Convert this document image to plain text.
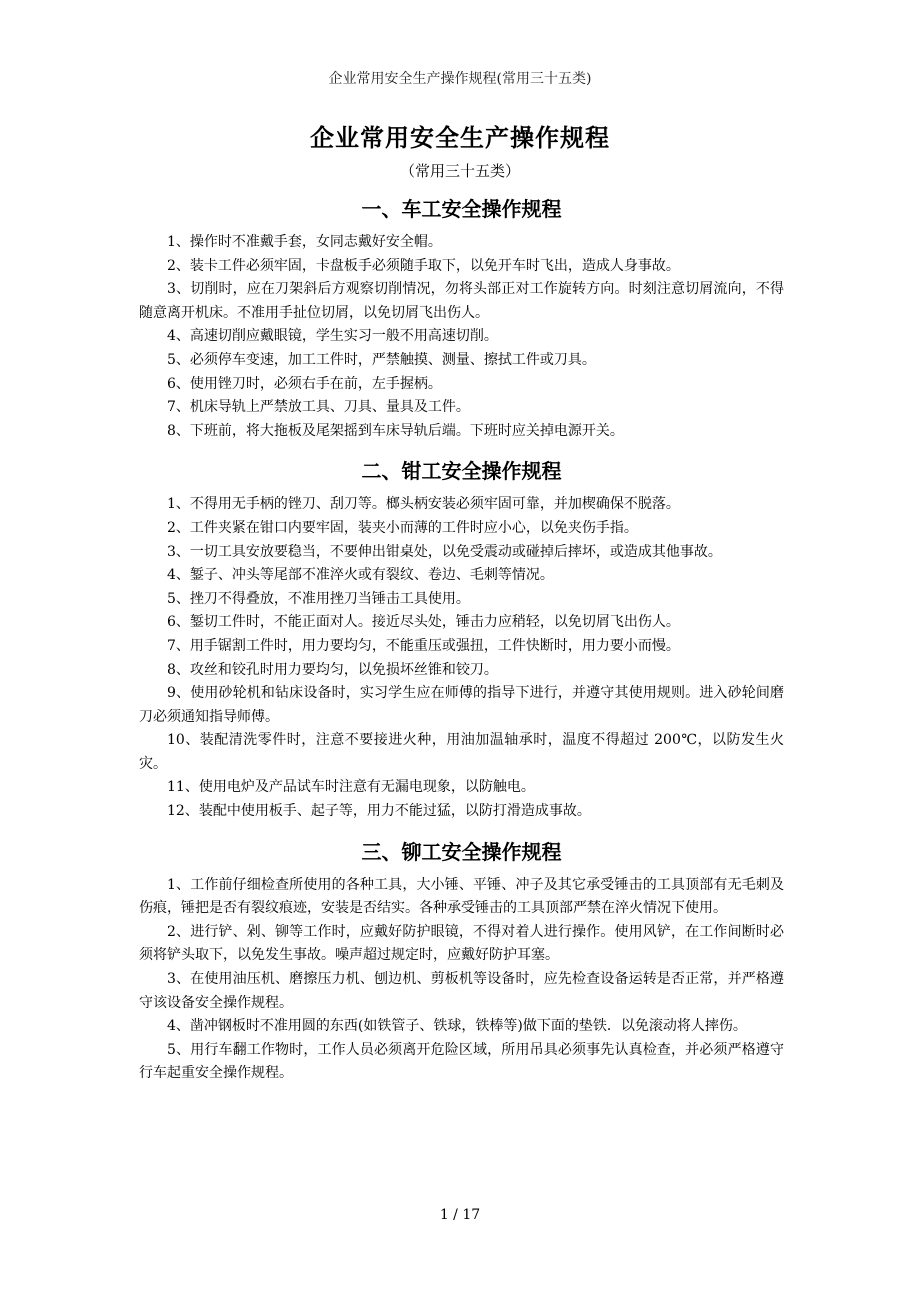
企业常用安全生产操作规程(常用三十五类)
企业常用安全生产操作规程
（常用三十五类）
一、车工安全操作规程

1、操作时不准戴手套，女同志戴好安全帽。

2、装卡工件必须牢固，卡盘板手必须随手取下，以免开车时飞出，造成人身事故。

3、切削时，应在刀架斜后方观察切削情况，勿将头部正对工作旋转方向。时刻注意切屑流向，不得随意离开机床。不准用手扯位切屑，以免切屑飞出伤人。

4、高速切削应戴眼镜，学生实习一般不用高速切削。

5、必须停车变速，加工工件时，严禁触摸、测量、擦拭工件或刀具。

6、使用锉刀时，必须右手在前，左手握柄。

7、机床导轨上严禁放工具、刀具、量具及工件。

8、下班前，将大拖板及尾架摇到车床导轨后端。下班时应关掉电源开关。

二、钳工安全操作规程

1、不得用无手柄的锉刀、刮刀等。榔头柄安装必须牢固可靠，并加楔确保不脱落。

2、工件夹紧在钳口内要牢固，装夹小而薄的工件时应小心，以免夹伤手指。

3、一切工具安放要稳当，不要伸出钳桌处，以免受震动或碰掉后摔坏，或造成其他事故。

4、錾子、冲头等尾部不准淬火或有裂纹、卷边、毛刺等情况。

5、挫刀不得叠放，不准用挫刀当锤击工具使用。

6、錾切工件时，不能正面对人。接近尽头处，锤击力应稍轻，以免切屑飞出伤人。

7、用手锯割工件时，用力要均匀，不能重压或强扭，工件快断时，用力要小而慢。

8、攻丝和铰孔时用力要均匀，以免损坏丝锥和铰刀。

9、使用砂轮机和钻床设备时，实习学生应在师傅的指导下进行，并遵守其使用规则。进入砂轮间磨刀必须通知指导师傅。

10、装配清洗零件时，注意不要接进火种，用油加温轴承时，温度不得超过 200℃，以防发生火灾。

11、使用电炉及产品试车时注意有无漏电现象，以防触电。

12、装配中使用板手、起子等，用力不能过猛，以防打滑造成事故。

三、铆工安全操作规程

1、工作前仔细检查所使用的各种工具，大小锤、平锤、冲子及其它承受锤击的工具顶部有无毛刺及伤痕，锤把是否有裂纹痕迹，安装是否结实。各种承受锤击的工具顶部严禁在淬火情况下使用。

2、进行铲、剁、铆等工作时，应戴好防护眼镜，不得对着人进行操作。使用风铲，在工作间断时必须将铲头取下，以免发生事故。噪声超过规定时，应戴好防护耳塞。

3、在使用油压机、磨擦压力机、刨边机、剪板机等设备时，应先检查设备运转是否正常，并严格遵守该设备安全操作规程。

4、凿冲钢板时不准用圆的东西(如铁管子、铁球，铁棒等)做下面的垫铁．以免滚动将人摔伤。

5、用行车翻工作物时，工作人员必须离开危险区域，所用吊具必须事先认真检查，并必须严格遵守行车起重安全操作规程。

1 / 17
